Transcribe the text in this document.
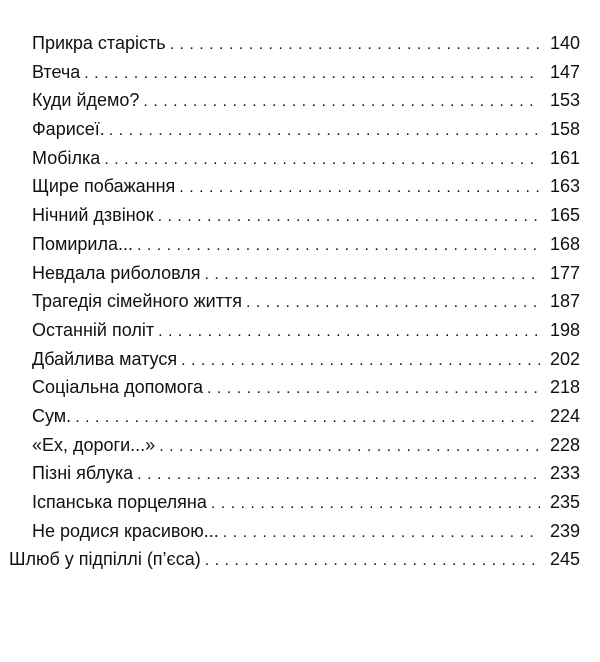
Прикра старість . . .	140
Втеча . . .	147
Куди йдемо? . . .	153
Фарисеї. . . .	158
Мобілка . . .	161
Щире побажання . . .	163
Нічний дзвінок . . .	165
Помирила... . . .	168
Невдала риболовля . . .	177
Трагедія сімейного життя . . .	187
Останній політ . . .	198
Дбайлива матуся . . .	202
Соціальна допомога . . .	218
Сум. . . .	224
«Ех, дороги...» . . .	228
Пізні яблука . . .	233
Іспанська порцеляна . . .	235
Не родися красивою... . . .	239
Шлюб у підпіллі (п’єса) . . .	245
